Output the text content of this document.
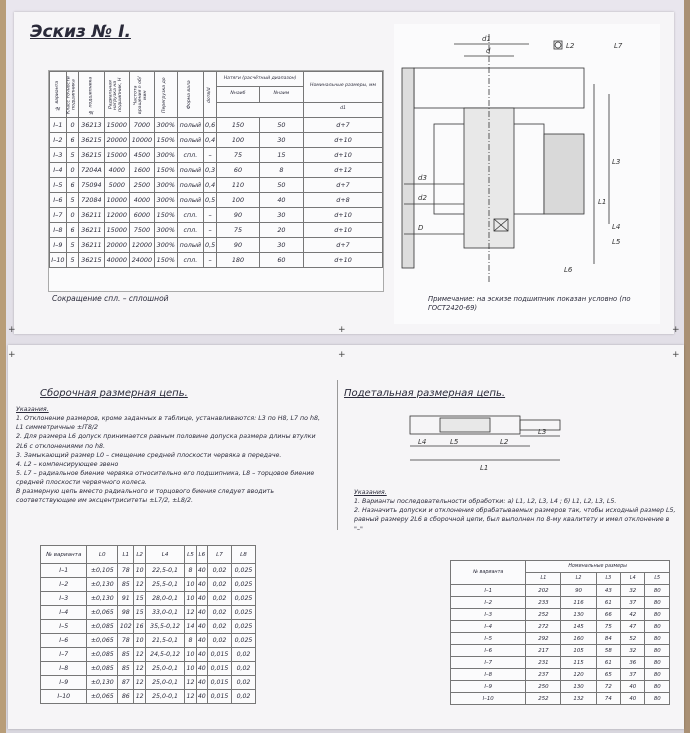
Эскиз № I.
№ варианта	Класс точности подшипника	№ подшипника	Радиальная нагрузка на подшипник, Н	Частота вращения n об/мин	Перегрузка до	Форма вала	dотв/d	Натяги (расчётный диапазон)		Номинальные размеры, мм
								Nнаиб	Nнаим	
										d1
I–1	0	36213	15000	7000	300%	полый	0,6	150	50	d+7
I–2	6	36215	20000	10000	150%	полый	0,4	100	30	d+10
I–3	5	36215	15000	4500	300%	спл.	–	75	15	d+10
I–4	0	7204А	4000	1600	150%	полый	0,3	60	8	d+12
I–5	6	75094	5000	2500	300%	полый	0,4	110	50	d+7
I–6	5	72084	10000	4000	300%	полый	0,5	100	40	d+8
I–7	0	36211	12000	6000	150%	спл.	–	90	30	d+10
I–8	6	36211	15000	7500	300%	спл.	–	75	20	d+10
I–9	5	36211	20000	12000	300%	полый	0,5	90	30	d+7
I–10	5	36215	40000	24000	150%	спл.	–	180	60	d+10
Сокращение спл. – сплошной
d1
d
L2	L7
d3
d2
D
L1
L4
L3
L5
L6
Примечание: на эскизе подшипник показан условно (по ГОСТ2420-69)
+	+	+
+	+	+
Сборочная размерная цепь.
Указания.
1. Отклонение размеров, кроме заданных в таблице, устанавливаются: L3 по H8, L7 по h8, L1 симметричные ±IT8/2
2. Для размера L6 допуск принимается равным половине допуска размера длины втулки 2L6 с отклонениями по h8.
3. Замыкающий размер L0 – смещение средней плоскости червяка в передаче.
4. L2 – компенсирующее звено
5. L7 – радиальное биение червяка относительно его подшипника, L8 – торцовое биение средней плоскости червячного колеса.
В размерную цепь вместо радиального и торцового биения следует вводить соответствующие им эксцентриситеты ±L7/2, ±L8/2.
№ варианта	L0	L1	L2	L4	L5	L6	L7	L8
I–1	±0,105	78	10	22,5-0,1	8	40	0,02	0,025
I–2	±0,130	85	12	25,5-0,1	10	40	0,02	0,025
I–3	±0,130	91	15	28,0-0,1	10	40	0,02	0,025
I–4	±0,065	98	15	33,0-0,1	12	40	0,02	0,025
I–5	±0,085	102	16	35,5-0,12	14	40	0,02	0,025
I–6	±0,065	78	10	21,5-0,1	8	40	0,02	0,025
I–7	±0,085	85	12	24,5-0,12	10	40	0,015	0,02
I–8	±0,085	85	12	25,0-0,1	10	40	0,015	0,02
I–9	±0,130	87	12	25,0-0,1	12	40	0,015	0,02
I–10	±0,065	86	12	25,0-0,1	12	40	0,015	0,02
Подетальная размерная цепь.
L4	L5	L2
L3
L1
Указания.
1. Варианты последовательности обработки: а) L1, L2, L3, L4 ; б) L1, L2, L3, L5.
2. Назначить допуски и отклонения обрабатываемых размеров так, чтобы исходный размер L5, равный размеру 2L6 в сборочной цепи, был выполнен по 8-му квалитету и имел отклонение в "–"
№ варианта	Номинальные размеры				
	L1	L2	L3	L4	L5
I–1	202	90	43	32	80
I–2	233	116	61	37	80
I–3	252	130	66	42	80
I–4	272	145	75	47	80
I–5	292	160	84	52	80
I–6	217	105	58	32	80
I–7	231	115	61	36	80
I–8	237	120	65	37	80
I–9	250	130	72	40	80
I–10	252	132	74	40	80
